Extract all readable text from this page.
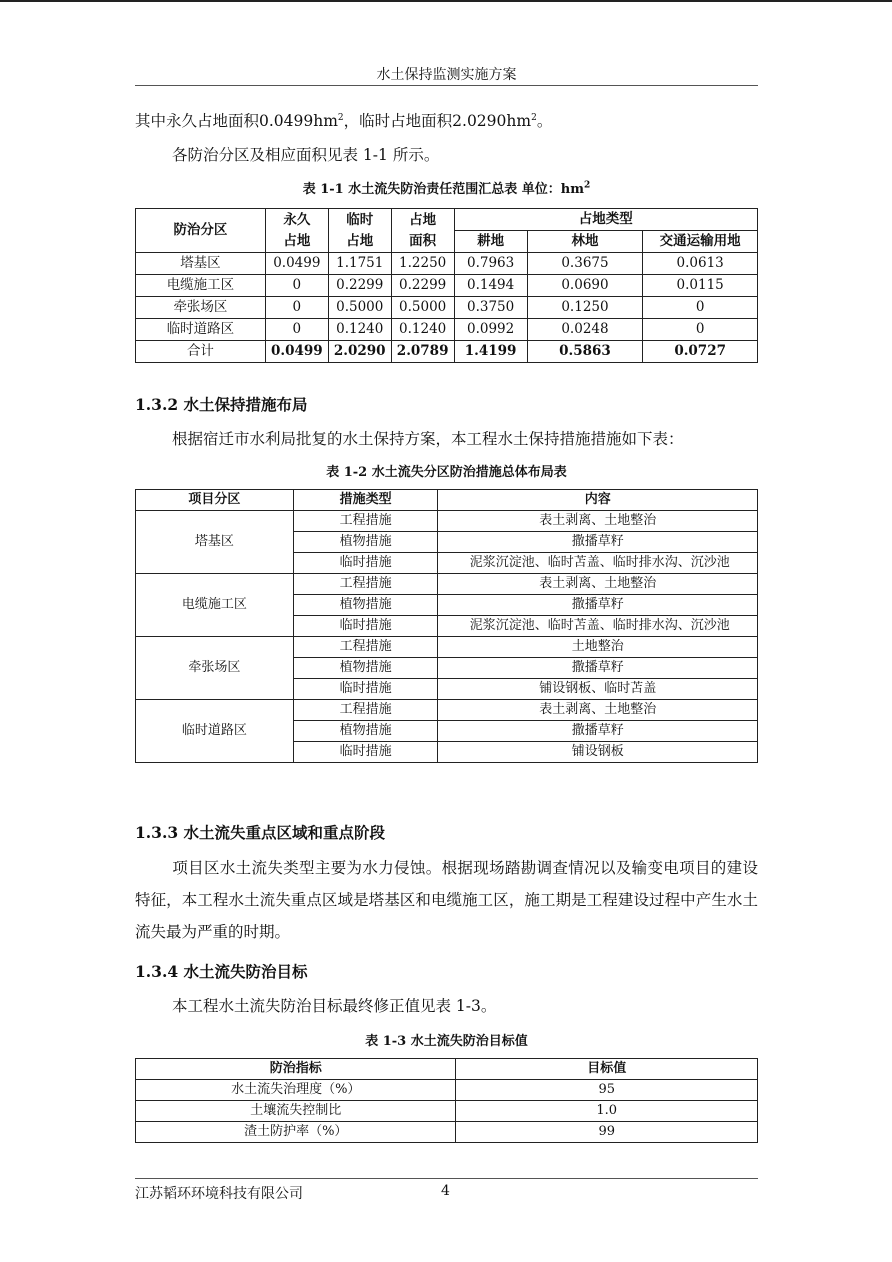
水土保持监测实施方案
其中永久占地面积$0.0499hm^2$，临时占地面积$2.0290hm^2$。
各防治分区及相应面积见表 1-1 所示。
表 1-1 水土流失防治责任范围汇总表 单位：$hm^2$
防治分区	永久占地	临时占地	占地面积	占地类型		
				耕地	林地	交通运输用地
塔基区	0.0499	1.1751	1.2250	0.7963	0.3675	0.0613
电缆施工区	0	0.2299	0.2299	0.1494	0.0690	0.0115
牵张场区	0	0.5000	0.5000	0.3750	0.1250	0
临时道路区	0	0.1240	0.1240	0.0992	0.0248	0
合计	0.0499	2.0290	2.0789	1.4199	0.5863	0.0727
1.3.2 水土保持措施布局
根据宿迁市水利局批复的水土保持方案，本工程水土保持措施措施如下表：
表 1-2 水土流失分区防治措施总体布局表
项目分区	措施类型	内容
塔基区	工程措施	表土剥离、土地整治
	植物措施	撒播草籽
	临时措施	泥浆沉淀池、临时苫盖、临时排水沟、沉沙池
电缆施工区	工程措施	表土剥离、土地整治
	植物措施	撒播草籽
	临时措施	泥浆沉淀池、临时苫盖、临时排水沟、沉沙池
牵张场区	工程措施	土地整治
	植物措施	撒播草籽
	临时措施	铺设钢板、临时苫盖
临时道路区	工程措施	表土剥离、土地整治
	植物措施	撒播草籽
	临时措施	铺设钢板
1.3.3 水土流失重点区域和重点阶段
项目区水土流失类型主要为水力侵蚀。根据现场踏勘调查情况以及输变电项目的建设特征，本工程水土流失重点区域是塔基区和电缆施工区，施工期是工程建设过程中产生水土流失最为严重的时期。
1.3.4 水土流失防治目标
本工程水土流失防治目标最终修正值见表 1-3。
表 1-3 水土流失防治目标值
防治指标	目标值
水土流失治理度（%）	95
土壤流失控制比	1.0
渣土防护率（%）	99
江苏韬环环境科技有限公司	4
